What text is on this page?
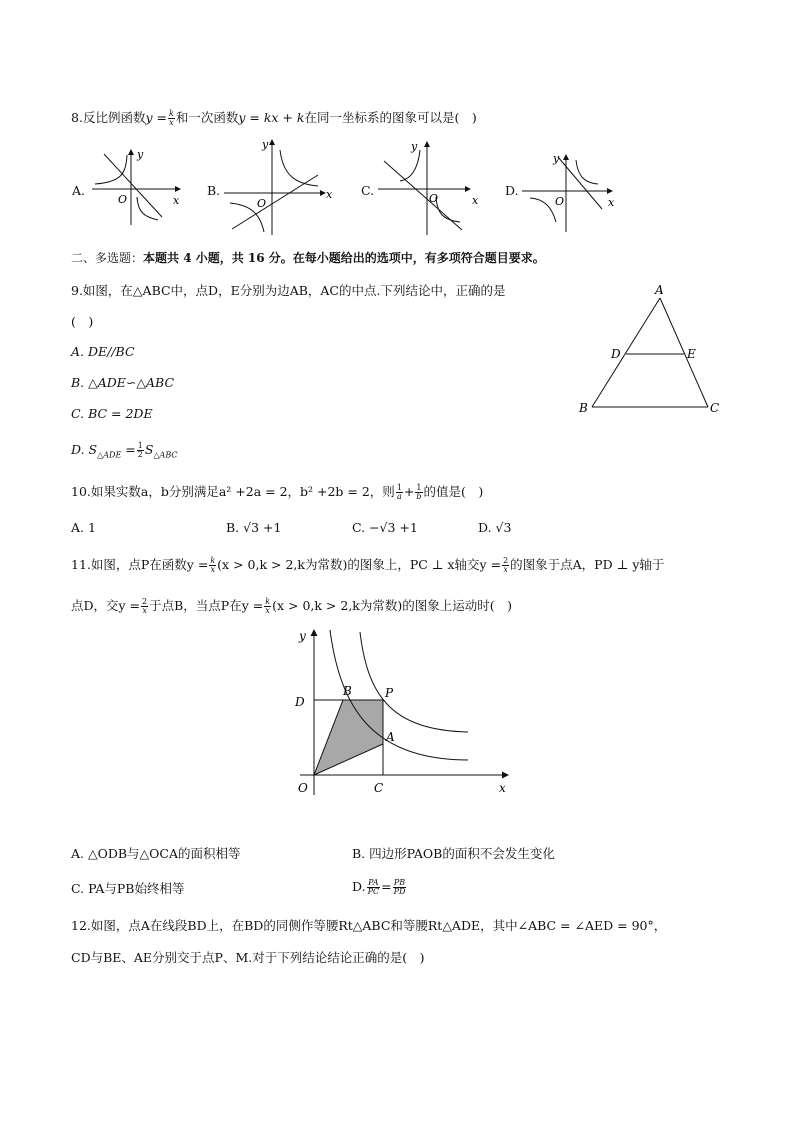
8.反比例函数$y = \frac{k}{x}$ 和一次函数y = kx + k在同一坐标系的图象可以是(　)
A.	B.	C.	D.
y
x
O
y
x
O
y
x
O
y
x
O
二、多选题：本题共 4 小题，共 16 分。在每小题给出的选项中，有多项符合题目要求。
9.如图，在△ABC中，点D，E分别为边AB，AC的中点.下列结论中，正确的是
(　)
A. DE//BC
B. △ADE∽△ABC
C. BC = 2DE
D. $S_{\triangle ADE} = \frac{1}{2} S_{\triangle ABC}$
A
D	E
B	C
10.如果实数a，b分别满足a² +2a = 2，b² +2b = 2，则 $\frac{1}{a} + \frac{1}{b}$ 的值是(　)
A. 1	B. √3 +1	C. −√3 +1	D. √3
11.如图，点P在函数$y = \frac{k}{x} (x > 0,k > 2,k$为常数)的图象上，PC ⊥ x轴交$y = \frac{2}{x}$ 的图象于点A，PD ⊥ y轴于
点D，交$y = \frac{2}{x}$ 于点B，当点P在$y = \frac{k}{x} (x > 0,k > 2,k$为常数)的图象上运动时(　)
y
x
O	C
D
B	P
A
A. △ODB与△OCA的面积相等	B. 四边形PAOB的面积不会发生变化
C. PA与PB始终相等	D. $\frac{PA}{PC} = \frac{PB}{PD}$
12.如图，点A在线段BD上，在BD的同侧作等腰Rt△ABC和等腰Rt△ADE，其中∠ABC = ∠AED = 90°，
CD与BE、AE分别交于点P、M.对于下列结论结论正确的是(　)
